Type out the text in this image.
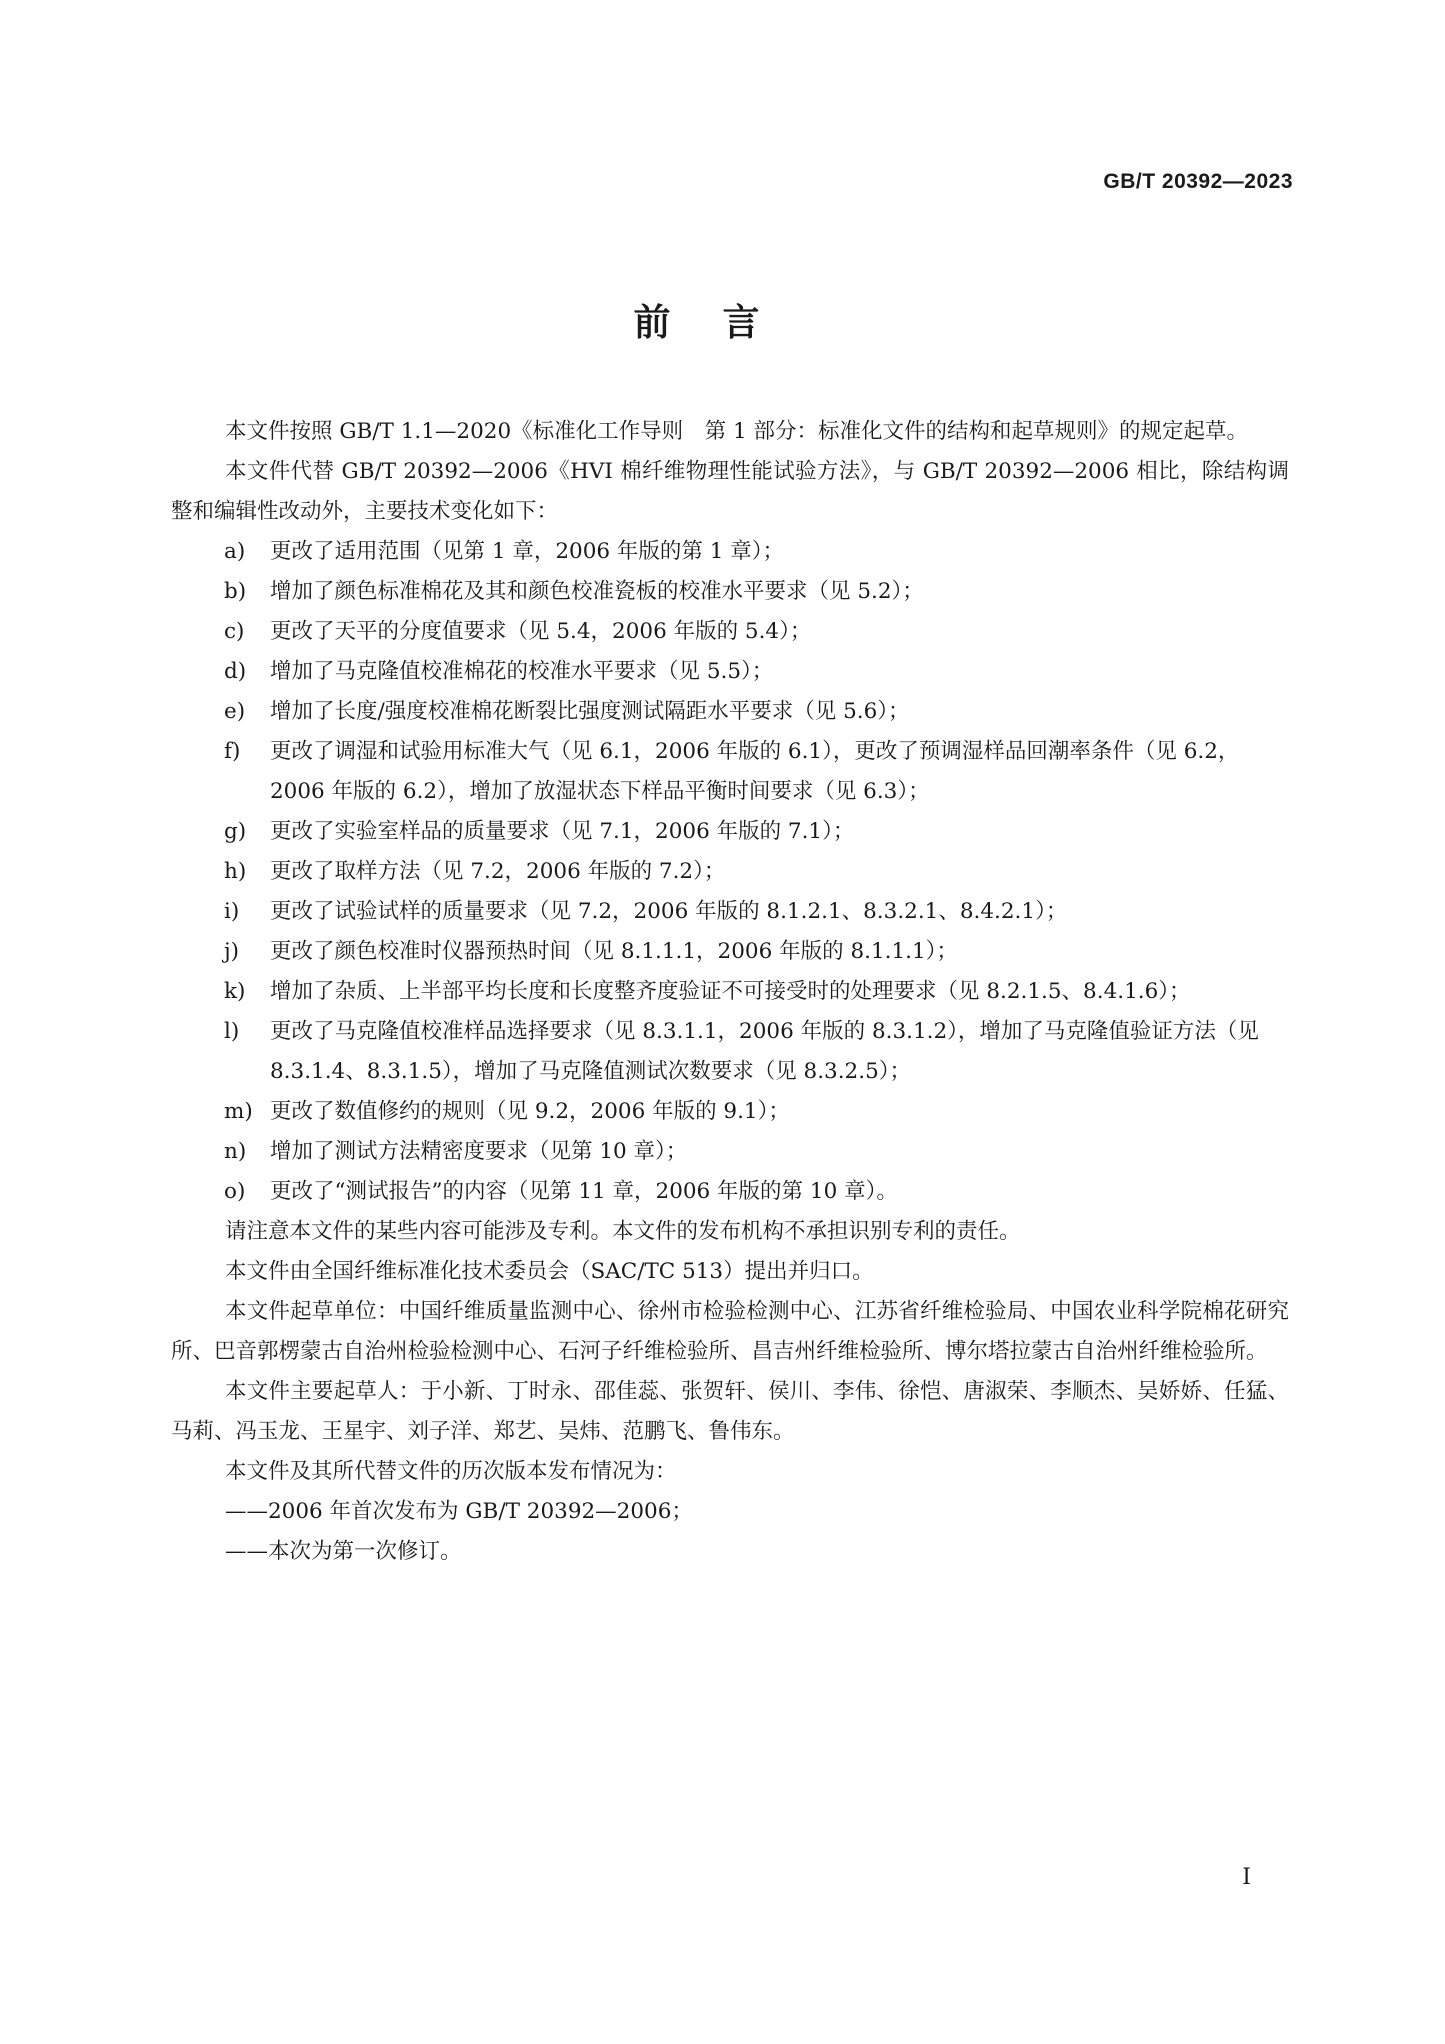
GB/T 20392—2023
前言

本文件按照 GB/T 1.1—2020《标准化工作导则　第 1 部分：标准化文件的结构和起草规则》的规定起草。

本文件代替 GB/T 20392—2006《HVI 棉纤维物理性能试验方法》，与 GB/T 20392—2006 相比，除结构调整和编辑性改动外，主要技术变化如下：

a) 更改了适用范围（见第 1 章，2006 年版的第 1 章）；

b) 增加了颜色标准棉花及其和颜色校准瓷板的校准水平要求（见 5.2）；

c) 更改了天平的分度值要求（见 5.4，2006 年版的 5.4）；

d) 增加了马克隆值校准棉花的校准水平要求（见 5.5）；

e) 增加了长度/强度校准棉花断裂比强度测试隔距水平要求（见 5.6）；

f) 更改了调湿和试验用标准大气（见 6.1，2006 年版的 6.1），更改了预调湿样品回潮率条件（见 6.2，2006 年版的 6.2），增加了放湿状态下样品平衡时间要求（见 6.3）；

g) 更改了实验室样品的质量要求（见 7.1，2006 年版的 7.1）；

h) 更改了取样方法（见 7.2，2006 年版的 7.2）；

i) 更改了试验试样的质量要求（见 7.2，2006 年版的 8.1.2.1、8.3.2.1、8.4.2.1）；

j) 更改了颜色校准时仪器预热时间（见 8.1.1.1，2006 年版的 8.1.1.1）；

k) 增加了杂质、上半部平均长度和长度整齐度验证不可接受时的处理要求（见 8.2.1.5、8.4.1.6）；

l) 更改了马克隆值校准样品选择要求（见 8.3.1.1，2006 年版的 8.3.1.2），增加了马克隆值验证方法（见 8.3.1.4、8.3.1.5），增加了马克隆值测试次数要求（见 8.3.2.5）；

m) 更改了数值修约的规则（见 9.2，2006 年版的 9.1）；

n) 增加了测试方法精密度要求（见第 10 章）；

o) 更改了“测试报告”的内容（见第 11 章，2006 年版的第 10 章）。

请注意本文件的某些内容可能涉及专利。本文件的发布机构不承担识别专利的责任。

本文件由全国纤维标准化技术委员会（SAC/TC 513）提出并归口。

本文件起草单位：中国纤维质量监测中心、徐州市检验检测中心、江苏省纤维检验局、中国农业科学院棉花研究所、巴音郭楞蒙古自治州检验检测中心、石河子纤维检验所、昌吉州纤维检验所、博尔塔拉蒙古自治州纤维检验所。

本文件主要起草人：于小新、丁时永、邵佳蕊、张贺轩、侯川、李伟、徐恺、唐淑荣、李顺杰、吴娇娇、任猛、马莉、冯玉龙、王星宇、刘子洋、郑艺、吴炜、范鹏飞、鲁伟东。

本文件及其所代替文件的历次版本发布情况为：

——2006 年首次发布为 GB/T 20392—2006；

——本次为第一次修订。

I
